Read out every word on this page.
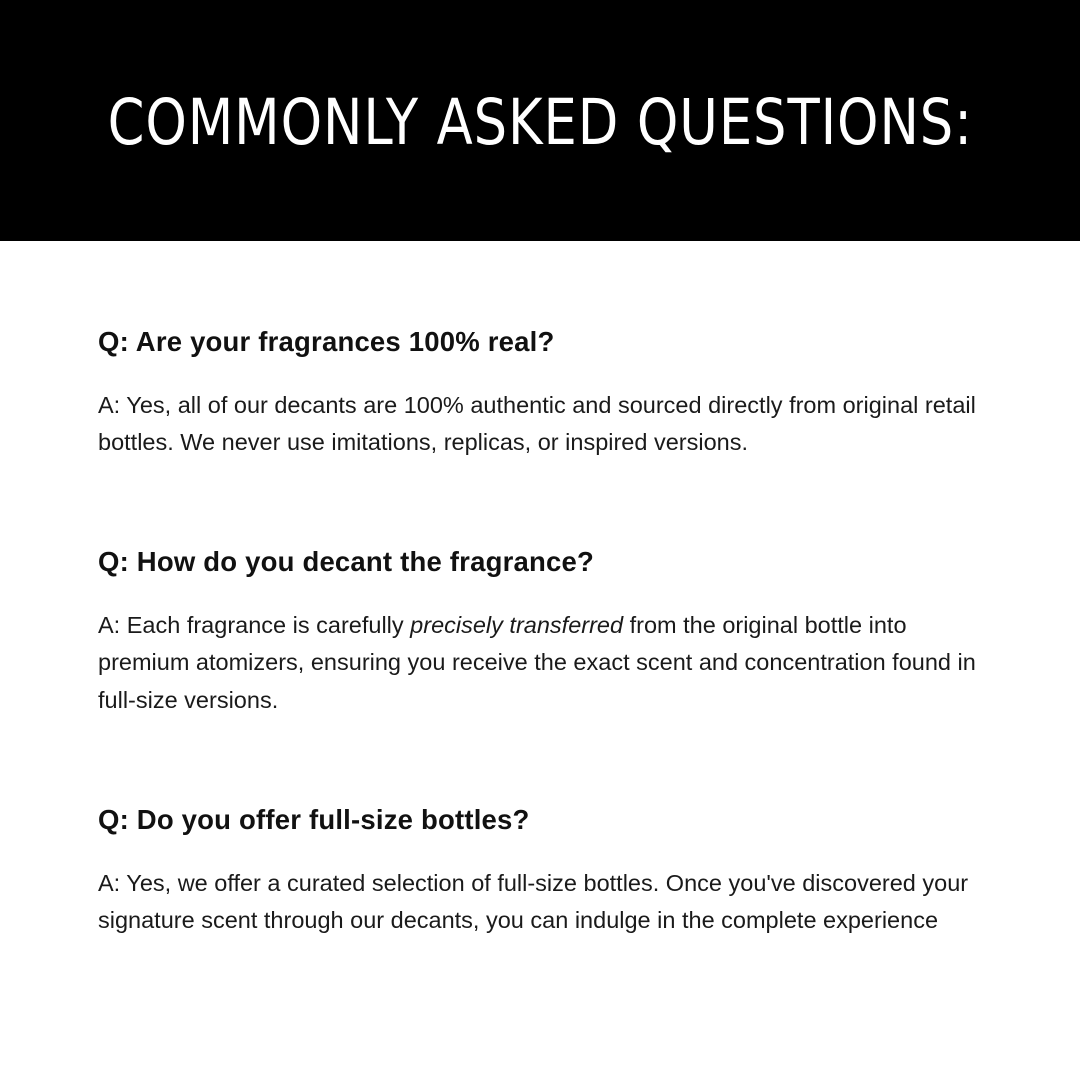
COMMONLY ASKED QUESTIONS:
Q: Are your fragrances 100% real?

A: Yes, all of our decants are 100% authentic and sourced directly from original retail bottles. We never use imitations, replicas, or inspired versions.

Q: How do you decant the fragrance?

A: Each fragrance is carefully precisely transferred from the original bottle into premium atomizers, ensuring you receive the exact scent and concentration found in full-size versions.

Q: Do you offer full-size bottles?

A: Yes, we offer a curated selection of full-size bottles. Once you've discovered your signature scent through our decants, you can indulge in the complete experience
